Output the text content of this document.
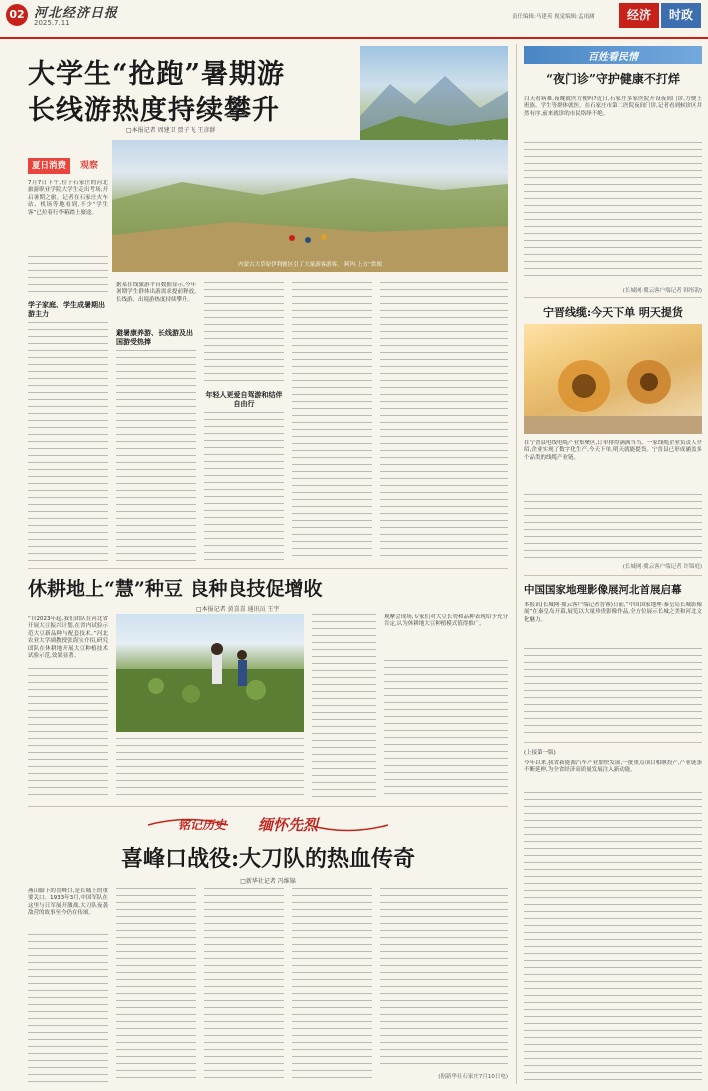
02 河北经济日报
2025.7.11
责任编辑:马建英 视觉编辑:孟雨涵	经济	时政
大学生“抢跑”暑期游
长线游热度持续攀升
□本报记者 周建卫 贾子飞 王彦群
内蒙古大草原伊利雅区引了大量游客游客。 阿玛·上方”供图
夏日消费	观察
7月7日下午,位于石家庄的河北旅游职业学院大学生走出考场,开启暑期之旅。记者在石家庄火车站、机场等地看到,不少“学生客”已拉着行李箱踏上旅途。
学子家庭、学生成暑期出游主力
据某在线旅游平台数据显示,今年暑期学生群体出游需求提前释放,长线游、出境游热度持续攀升。
避暑康养游、长线游及出国游受热捧
年轻人更爱自驾游和结伴自由行
百姓看民情
“夜门诊”守护健康不打烊
白天看病难,夜晚就医方便吗?近日,石家庄多家医院开设夜间门诊,方便上班族、学生等群体就医。在石家庄市第二医院夜间门诊,记者看到候诊区井然有序,前来就诊的市民络绎不绝。
(长城网·冀云客户端记者 韩彤韵)
宁晋线缆:今天下单 明天提货
在宁晋县电线电缆产业集聚区,订单排得满满当当。一家线缆企业负责人介绍,企业实现了数字化生产,今天下单,明天就能提货。宁晋县已形成涵盖多个品类的线缆产业链。
(长城网·冀云客户端记者 许锦庭)
休耕地上“慧”种豆 良种良技促增收
□本报记者 黄喜喜 通讯员 王宇
“自2023年起,我们团队在河北省开展大豆振兴计划,在省内试验示范大豆新品种与配套技术。”河北农业大学副教授张海宝介绍,研究团队在休耕地开展大豆种植技术试验示范,效果显著。
观摩会现场,专家们对大豆长势和品种表现给予充分肯定,认为休耕地大豆种植模式值得推广。
中国国家地理影像展河北首展启幕
本报讯(长城网·冀云客户端记者晋睿)日前,“中国国家地理·秦皇岛长城影像展”在秦皇岛开幕,展览以大量珍贵影像作品,全方位展示长城之美和河北文化魅力。
(上接第一版)
今年以来,我省新能源汽车产业加快发展,一批重点项目相继投产,产业链条不断延伸,为全省经济高质量发展注入新动能。
铭记历史 缅怀先烈
喜峰口战役:大刀队的热血传奇
□新华社记者 冯维锦
燕山脚下的喜峰口,是长城上的重要关口。1933年3月,中国军队在这里与日军展开激战,大刀队夜袭敌营的故事至今仍在传颂。
(据新华社石家庄7月10日电)
